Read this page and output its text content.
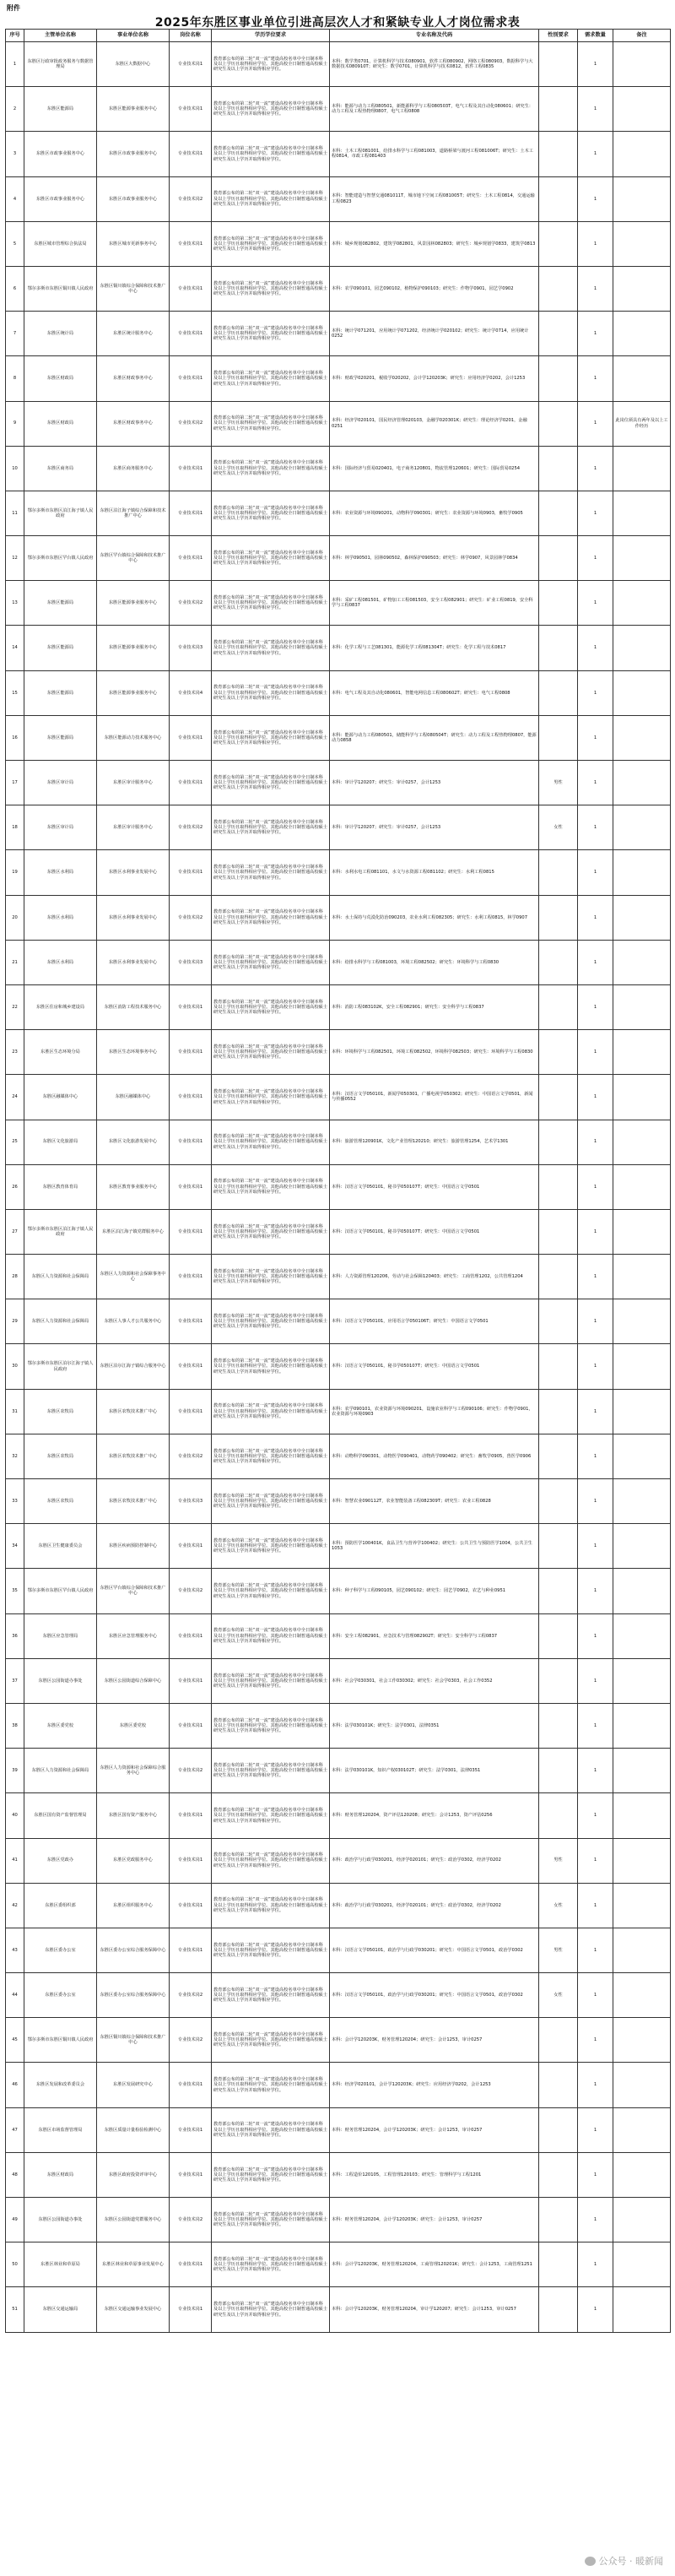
附件
2025年东胜区事业单位引进高层次人才和紧缺专业人才岗位需求表
序号	主管单位名称	事业单位名称	岗位名称	学历学位要求	专业名称及代码	性别要求	需求数量	备注
1	东胜区行政审批政务服务与数据管理局	东胜区大数据中心	专业技术岗1	教育部公布的第二轮“双一流”建设高校名单中全日制本科及以上学历且取得相应学位。其他高校全日制普通高校硕士研究生及以上学历并取得相应学位。	本科：数学类0701，计算机科学与技术080901，软件工程080902，网络工程080903，数据科学与大数据技术080910T；研究生：数学0701，计算机科学与技术0812，软件工程0835		1	
2	东胜区能源局	东胜区能源事业服务中心	专业技术岗1	教育部公布的第二轮“双一流”建设高校名单中全日制本科及以上学历且取得相应学位。其他高校全日制普通高校硕士研究生及以上学历并取得相应学位。	本科：能源与动力工程080501，新能源科学与工程080503T，电气工程及其自动化080601；研究生：动力工程及工程热物理0807，电气工程0808		1	
3	东胜区市政事业服务中心	东胜区市政事业服务中心	专业技术岗1	教育部公布的第二轮“双一流”建设高校名单中全日制本科及以上学历且取得相应学位。其他高校全日制普通高校硕士研究生及以上学历并取得相应学位。	本科：土木工程081001，给排水科学与工程081003，道路桥梁与渡河工程081006T；研究生：土木工程0814，市政工程081403		1	
4	东胜区市政事业服务中心	东胜区市政事业服务中心	专业技术岗2	教育部公布的第二轮“双一流”建设高校名单中全日制本科及以上学历且取得相应学位。其他高校全日制普通高校硕士研究生及以上学历并取得相应学位。	本科：智能建造与智慧交通081011T，城市地下空间工程081005T；研究生：土木工程0814，交通运输工程0823		1	
5	东胜区城市管理综合执法局	东胜区城市更新事务中心	专业技术岗1	教育部公布的第二轮“双一流”建设高校名单中全日制本科及以上学历且取得相应学位。其他高校全日制普通高校硕士研究生及以上学历并取得相应学位。	本科：城乡规划082802，建筑学082801，风景园林082803；研究生：城乡规划学0833，建筑学0813		1	
6	鄂尔多斯市东胜区铜川镇人民政府	东胜区铜川镇综合保障和技术推广中心	专业技术岗1	教育部公布的第二轮“双一流”建设高校名单中全日制本科及以上学历且取得相应学位。其他高校全日制普通高校硕士研究生及以上学历并取得相应学位。	本科：农学090101，园艺090102，植物保护090103；研究生：作物学0901，园艺学0902		1	
7	东胜区统计局	东胜区统计服务中心	专业技术岗1	教育部公布的第二轮“双一流”建设高校名单中全日制本科及以上学历且取得相应学位。其他高校全日制普通高校硕士研究生及以上学历并取得相应学位。	本科：统计学071201，应用统计学071202，经济统计学020102；研究生：统计学0714，应用统计0252		1	
8	东胜区财政局	东胜区财政事务中心	专业技术岗1	教育部公布的第二轮“双一流”建设高校名单中全日制本科及以上学历且取得相应学位。其他高校全日制普通高校硕士研究生及以上学历并取得相应学位。	本科：财政学020201，税收学020202，会计学120203K；研究生：应用经济学0202，会计1253		1	
9	东胜区财政局	东胜区财政事务中心	专业技术岗2	教育部公布的第二轮“双一流”建设高校名单中全日制本科及以上学历且取得相应学位。其他高校全日制普通高校硕士研究生及以上学历并取得相应学位。	本科：经济学020101，国民经济管理020103，金融学020301K；研究生：理论经济学0201，金融0251		1	此岗位须具有两年及以上工作经历
10	东胜区商务局	东胜区商务服务中心	专业技术岗1	教育部公布的第二轮“双一流”建设高校名单中全日制本科及以上学历且取得相应学位。其他高校全日制普通高校硕士研究生及以上学历并取得相应学位。	本科：国际经济与贸易020401，电子商务120801，物流管理120601；研究生：国际贸易0254		1	
11	鄂尔多斯市东胜区泊江海子镇人民政府	东胜区泊江海子镇综合保障和技术推广中心	专业技术岗1	教育部公布的第二轮“双一流”建设高校名单中全日制本科及以上学历且取得相应学位。其他高校全日制普通高校硕士研究生及以上学历并取得相应学位。	本科：农业资源与环境090201，动物科学090301；研究生：农业资源与环境0903，畜牧学0905		1	
12	鄂尔多斯市东胜区罕台镇人民政府	东胜区罕台镇综合保障和技术推广中心	专业技术岗1	教育部公布的第二轮“双一流”建设高校名单中全日制本科及以上学历且取得相应学位。其他高校全日制普通高校硕士研究生及以上学历并取得相应学位。	本科：林学090501，园林090502，森林保护090503；研究生：林学0907，风景园林学0834		1	
13	东胜区能源局	东胜区能源事业服务中心	专业技术岗2	教育部公布的第二轮“双一流”建设高校名单中全日制本科及以上学历且取得相应学位。其他高校全日制普通高校硕士研究生及以上学历并取得相应学位。	本科：采矿工程081501，矿物加工工程081503，安全工程082901；研究生：矿业工程0819，安全科学与工程0837		1	
14	东胜区能源局	东胜区能源事业服务中心	专业技术岗3	教育部公布的第二轮“双一流”建设高校名单中全日制本科及以上学历且取得相应学位。其他高校全日制普通高校硕士研究生及以上学历并取得相应学位。	本科：化学工程与工艺081301，能源化学工程081304T；研究生：化学工程与技术0817		1	
15	东胜区能源局	东胜区能源事业服务中心	专业技术岗4	教育部公布的第二轮“双一流”建设高校名单中全日制本科及以上学历且取得相应学位。其他高校全日制普通高校硕士研究生及以上学历并取得相应学位。	本科：电气工程及其自动化080601，智能电网信息工程080602T；研究生：电气工程0808		1	
16	东胜区能源局	东胜区能源动力技术服务中心	专业技术岗1	教育部公布的第二轮“双一流”建设高校名单中全日制本科及以上学历且取得相应学位。其他高校全日制普通高校硕士研究生及以上学历并取得相应学位。	本科：能源与动力工程080501，储能科学与工程080504T；研究生：动力工程及工程热物理0807，能源动力0858		1	
17	东胜区审计局	东胜区审计服务中心	专业技术岗1	教育部公布的第二轮“双一流”建设高校名单中全日制本科及以上学历且取得相应学位。其他高校全日制普通高校硕士研究生及以上学历并取得相应学位。	本科：审计学120207；研究生：审计0257，会计1253	男性	1	
18	东胜区审计局	东胜区审计服务中心	专业技术岗2	教育部公布的第二轮“双一流”建设高校名单中全日制本科及以上学历且取得相应学位。其他高校全日制普通高校硕士研究生及以上学历并取得相应学位。	本科：审计学120207；研究生：审计0257，会计1253	女性	1	
19	东胜区水利局	东胜区水利事业发展中心	专业技术岗1	教育部公布的第二轮“双一流”建设高校名单中全日制本科及以上学历且取得相应学位。其他高校全日制普通高校硕士研究生及以上学历并取得相应学位。	本科：水利水电工程081101，水文与水资源工程081102；研究生：水利工程0815		1	
20	东胜区水利局	东胜区水利事业发展中心	专业技术岗2	教育部公布的第二轮“双一流”建设高校名单中全日制本科及以上学历且取得相应学位。其他高校全日制普通高校硕士研究生及以上学历并取得相应学位。	本科：水土保持与荒漠化防治090203，农业水利工程082305；研究生：水利工程0815，林学0907		1	
21	东胜区水利局	东胜区水利事业发展中心	专业技术岗3	教育部公布的第二轮“双一流”建设高校名单中全日制本科及以上学历且取得相应学位。其他高校全日制普通高校硕士研究生及以上学历并取得相应学位。	本科：给排水科学与工程081003，环境工程082502；研究生：环境科学与工程0830		1	
22	东胜区住房和城乡建设局	东胜区消防工程技术服务中心	专业技术岗1	教育部公布的第二轮“双一流”建设高校名单中全日制本科及以上学历且取得相应学位。其他高校全日制普通高校硕士研究生及以上学历并取得相应学位。	本科：消防工程083102K，安全工程082901；研究生：安全科学与工程0837		1	
23	东胜区生态环境分局	东胜区生态环境事务中心	专业技术岗1	教育部公布的第二轮“双一流”建设高校名单中全日制本科及以上学历且取得相应学位。其他高校全日制普通高校硕士研究生及以上学历并取得相应学位。	本科：环境科学与工程082501，环境工程082502，环境科学082503；研究生：环境科学与工程0830		1	
24	东胜区融媒体中心	东胜区融媒体中心	专业技术岗1	教育部公布的第二轮“双一流”建设高校名单中全日制本科及以上学历且取得相应学位。其他高校全日制普通高校硕士研究生及以上学历并取得相应学位。	本科：汉语言文学050101，新闻学050301，广播电视学050302；研究生：中国语言文学0501，新闻与传播0552		1	
25	东胜区文化旅游局	东胜区文化旅游发展中心	专业技术岗1	教育部公布的第二轮“双一流”建设高校名单中全日制本科及以上学历且取得相应学位。其他高校全日制普通高校硕士研究生及以上学历并取得相应学位。	本科：旅游管理120901K，文化产业管理120210；研究生：旅游管理1254，艺术学1301		1	
26	东胜区教育体育局	东胜区教育事业服务中心	专业技术岗1	教育部公布的第二轮“双一流”建设高校名单中全日制本科及以上学历且取得相应学位。其他高校全日制普通高校硕士研究生及以上学历并取得相应学位。	本科：汉语言文学050101，秘书学050107T；研究生：中国语言文学0501		1	
27	鄂尔多斯市东胜区泊江海子镇人民政府	东胜区泊江海子镇党群服务中心	专业技术岗1	教育部公布的第二轮“双一流”建设高校名单中全日制本科及以上学历且取得相应学位。其他高校全日制普通高校硕士研究生及以上学历并取得相应学位。	本科：汉语言文学050101，秘书学050107T；研究生：中国语言文学0501		1	
28	东胜区人力资源和社会保障局	东胜区人力资源和社会保障事务中心	专业技术岗1	教育部公布的第二轮“双一流”建设高校名单中全日制本科及以上学历且取得相应学位。其他高校全日制普通高校硕士研究生及以上学历并取得相应学位。	本科：人力资源管理120206，劳动与社会保障120403；研究生：工商管理1202，公共管理1204		1	
29	东胜区人力资源和社会保障局	东胜区人事人才公共服务中心	专业技术岗1	教育部公布的第二轮“双一流”建设高校名单中全日制本科及以上学历且取得相应学位。其他高校全日制普通高校硕士研究生及以上学历并取得相应学位。	本科：汉语言文学050101，应用语言学050106T；研究生：中国语言文学0501		1	
30	鄂尔多斯市东胜区泊尔江海子镇人民政府	东胜区泊尔江海子镇综合服务中心	专业技术岗1	教育部公布的第二轮“双一流”建设高校名单中全日制本科及以上学历且取得相应学位。其他高校全日制普通高校硕士研究生及以上学历并取得相应学位。	本科：汉语言文学050101，秘书学050107T；研究生：中国语言文学0501		1	
31	东胜区农牧局	东胜区农牧技术推广中心	专业技术岗1	教育部公布的第二轮“双一流”建设高校名单中全日制本科及以上学历且取得相应学位。其他高校全日制普通高校硕士研究生及以上学历并取得相应学位。	本科：农学090101，农业资源与环境090201，设施农业科学与工程090106；研究生：作物学0901，农业资源与环境0903		1	
32	东胜区农牧局	东胜区农牧技术推广中心	专业技术岗2	教育部公布的第二轮“双一流”建设高校名单中全日制本科及以上学历且取得相应学位。其他高校全日制普通高校硕士研究生及以上学历并取得相应学位。	本科：动物科学090301，动物医学090401，动物药学090402；研究生：畜牧学0905，兽医学0906		1	
33	东胜区农牧局	东胜区农牧技术推广中心	专业技术岗3	教育部公布的第二轮“双一流”建设高校名单中全日制本科及以上学历且取得相应学位。其他高校全日制普通高校硕士研究生及以上学历并取得相应学位。	本科：智慧农业090112T，农业智能装备工程082309T；研究生：农业工程0828		1	
34	东胜区卫生健康委员会	东胜区疾病预防控制中心	专业技术岗1	教育部公布的第二轮“双一流”建设高校名单中全日制本科及以上学历且取得相应学位。其他高校全日制普通高校硕士研究生及以上学历并取得相应学位。	本科：预防医学100401K，食品卫生与营养学100402；研究生：公共卫生与预防医学1004，公共卫生1053		1	
35	鄂尔多斯市东胜区罕台镇人民政府	东胜区罕台镇综合保障和技术推广中心	专业技术岗2	教育部公布的第二轮“双一流”建设高校名单中全日制本科及以上学历且取得相应学位。其他高校全日制普通高校硕士研究生及以上学历并取得相应学位。	本科：种子科学与工程090105，园艺090102；研究生：园艺学0902，农艺与种业0951		1	
36	东胜区应急管理局	东胜区应急管理服务中心	专业技术岗1	教育部公布的第二轮“双一流”建设高校名单中全日制本科及以上学历且取得相应学位。其他高校全日制普通高校硕士研究生及以上学历并取得相应学位。	本科：安全工程082901，应急技术与管理082902T；研究生：安全科学与工程0837		1	
37	东胜区公园街道办事处	东胜区公园街道综合保障中心	专业技术岗1	教育部公布的第二轮“双一流”建设高校名单中全日制本科及以上学历且取得相应学位。其他高校全日制普通高校硕士研究生及以上学历并取得相应学位。	本科：社会学030301，社会工作030302；研究生：社会学0303，社会工作0352		1	
38	东胜区委党校	东胜区委党校	专业技术岗1	教育部公布的第二轮“双一流”建设高校名单中全日制本科及以上学历且取得相应学位。其他高校全日制普通高校硕士研究生及以上学历并取得相应学位。	本科：法学030101K；研究生：法学0301，法律0351		1	
39	东胜区人力资源和社会保障局	东胜区人力资源和社会保障综合服务中心	专业技术岗2	教育部公布的第二轮“双一流”建设高校名单中全日制本科及以上学历且取得相应学位。其他高校全日制普通高校硕士研究生及以上学历并取得相应学位。	本科：法学030101K，知识产权030102T；研究生：法学0301，法律0351		1	
40	东胜区国有资产监督管理局	东胜区国有资产服务中心	专业技术岗1	教育部公布的第二轮“双一流”建设高校名单中全日制本科及以上学历且取得相应学位。其他高校全日制普通高校硕士研究生及以上学历并取得相应学位。	本科：财务管理120204，资产评估120208；研究生：会计1253，资产评估0256		1	
41	东胜区党政办	东胜区党政服务中心	专业技术岗1	教育部公布的第二轮“双一流”建设高校名单中全日制本科及以上学历且取得相应学位。其他高校全日制普通高校硕士研究生及以上学历并取得相应学位。	本科：政治学与行政学030201，经济学020101；研究生：政治学0302，经济学0202	男性	1	
42	东胜区委组织部	东胜区组织服务中心	专业技术岗1	教育部公布的第二轮“双一流”建设高校名单中全日制本科及以上学历且取得相应学位。其他高校全日制普通高校硕士研究生及以上学历并取得相应学位。	本科：政治学与行政学030201，经济学020101；研究生：政治学0302，经济学0202	女性	1	
43	东胜区委办公室	东胜区委办公室综合服务保障中心	专业技术岗1	教育部公布的第二轮“双一流”建设高校名单中全日制本科及以上学历且取得相应学位。其他高校全日制普通高校硕士研究生及以上学历并取得相应学位。	本科：汉语言文学050101，政治学与行政学030201；研究生：中国语言文学0501，政治学0302	男性	1	
44	东胜区委办公室	东胜区委办公室综合服务保障中心	专业技术岗2	教育部公布的第二轮“双一流”建设高校名单中全日制本科及以上学历且取得相应学位。其他高校全日制普通高校硕士研究生及以上学历并取得相应学位。	本科：汉语言文学050101，政治学与行政学030201；研究生：中国语言文学0501，政治学0302	女性	1	
45	鄂尔多斯市东胜区铜川镇人民政府	东胜区铜川镇综合保障和技术推广中心	专业技术岗2	教育部公布的第二轮“双一流”建设高校名单中全日制本科及以上学历且取得相应学位。其他高校全日制普通高校硕士研究生及以上学历并取得相应学位。	本科：会计学120203K，财务管理120204；研究生：会计1253，审计0257		1	
46	东胜区发展和改革委员会	东胜区发展研究中心	专业技术岗1	教育部公布的第二轮“双一流”建设高校名单中全日制本科及以上学历且取得相应学位。其他高校全日制普通高校硕士研究生及以上学历并取得相应学位。	本科：经济学020101，会计学120203K；研究生：应用经济学0202，会计1253		1	
47	东胜区市场监督管理局	东胜区质量计量检验检测中心	专业技术岗1	教育部公布的第二轮“双一流”建设高校名单中全日制本科及以上学历且取得相应学位。其他高校全日制普通高校硕士研究生及以上学历并取得相应学位。	本科：财务管理120204，会计学120203K；研究生：会计1253，审计0257		1	
48	东胜区财政局	东胜区政府投资评审中心	专业技术岗1	教育部公布的第二轮“双一流”建设高校名单中全日制本科及以上学历且取得相应学位。其他高校全日制普通高校硕士研究生及以上学历并取得相应学位。	本科：工程造价120105，工程管理120103；研究生：管理科学与工程1201		1	
49	东胜区公园街道办事处	东胜区公园街道党群服务中心	专业技术岗2	教育部公布的第二轮“双一流”建设高校名单中全日制本科及以上学历且取得相应学位。其他高校全日制普通高校硕士研究生及以上学历并取得相应学位。	本科：财务管理120204，会计学120203K；研究生：会计1253，审计0257		1	
50	东胜区林业和草原局	东胜区林业和草原事业发展中心	专业技术岗1	教育部公布的第二轮“双一流”建设高校名单中全日制本科及以上学历且取得相应学位。其他高校全日制普通高校硕士研究生及以上学历并取得相应学位。	本科：会计学120203K，财务管理120204，工商管理120201K；研究生：会计1253，工商管理1251		1	
51	东胜区交通运输局	东胜区交通运输事业发展中心	专业技术岗1	教育部公布的第二轮“双一流”建设高校名单中全日制本科及以上学历且取得相应学位。其他高校全日制普通高校硕士研究生及以上学历并取得相应学位。	本科：会计学120203K，财务管理120204，审计学120207；研究生：会计1253，审计0257		1	
公众号 · 暖新闻
